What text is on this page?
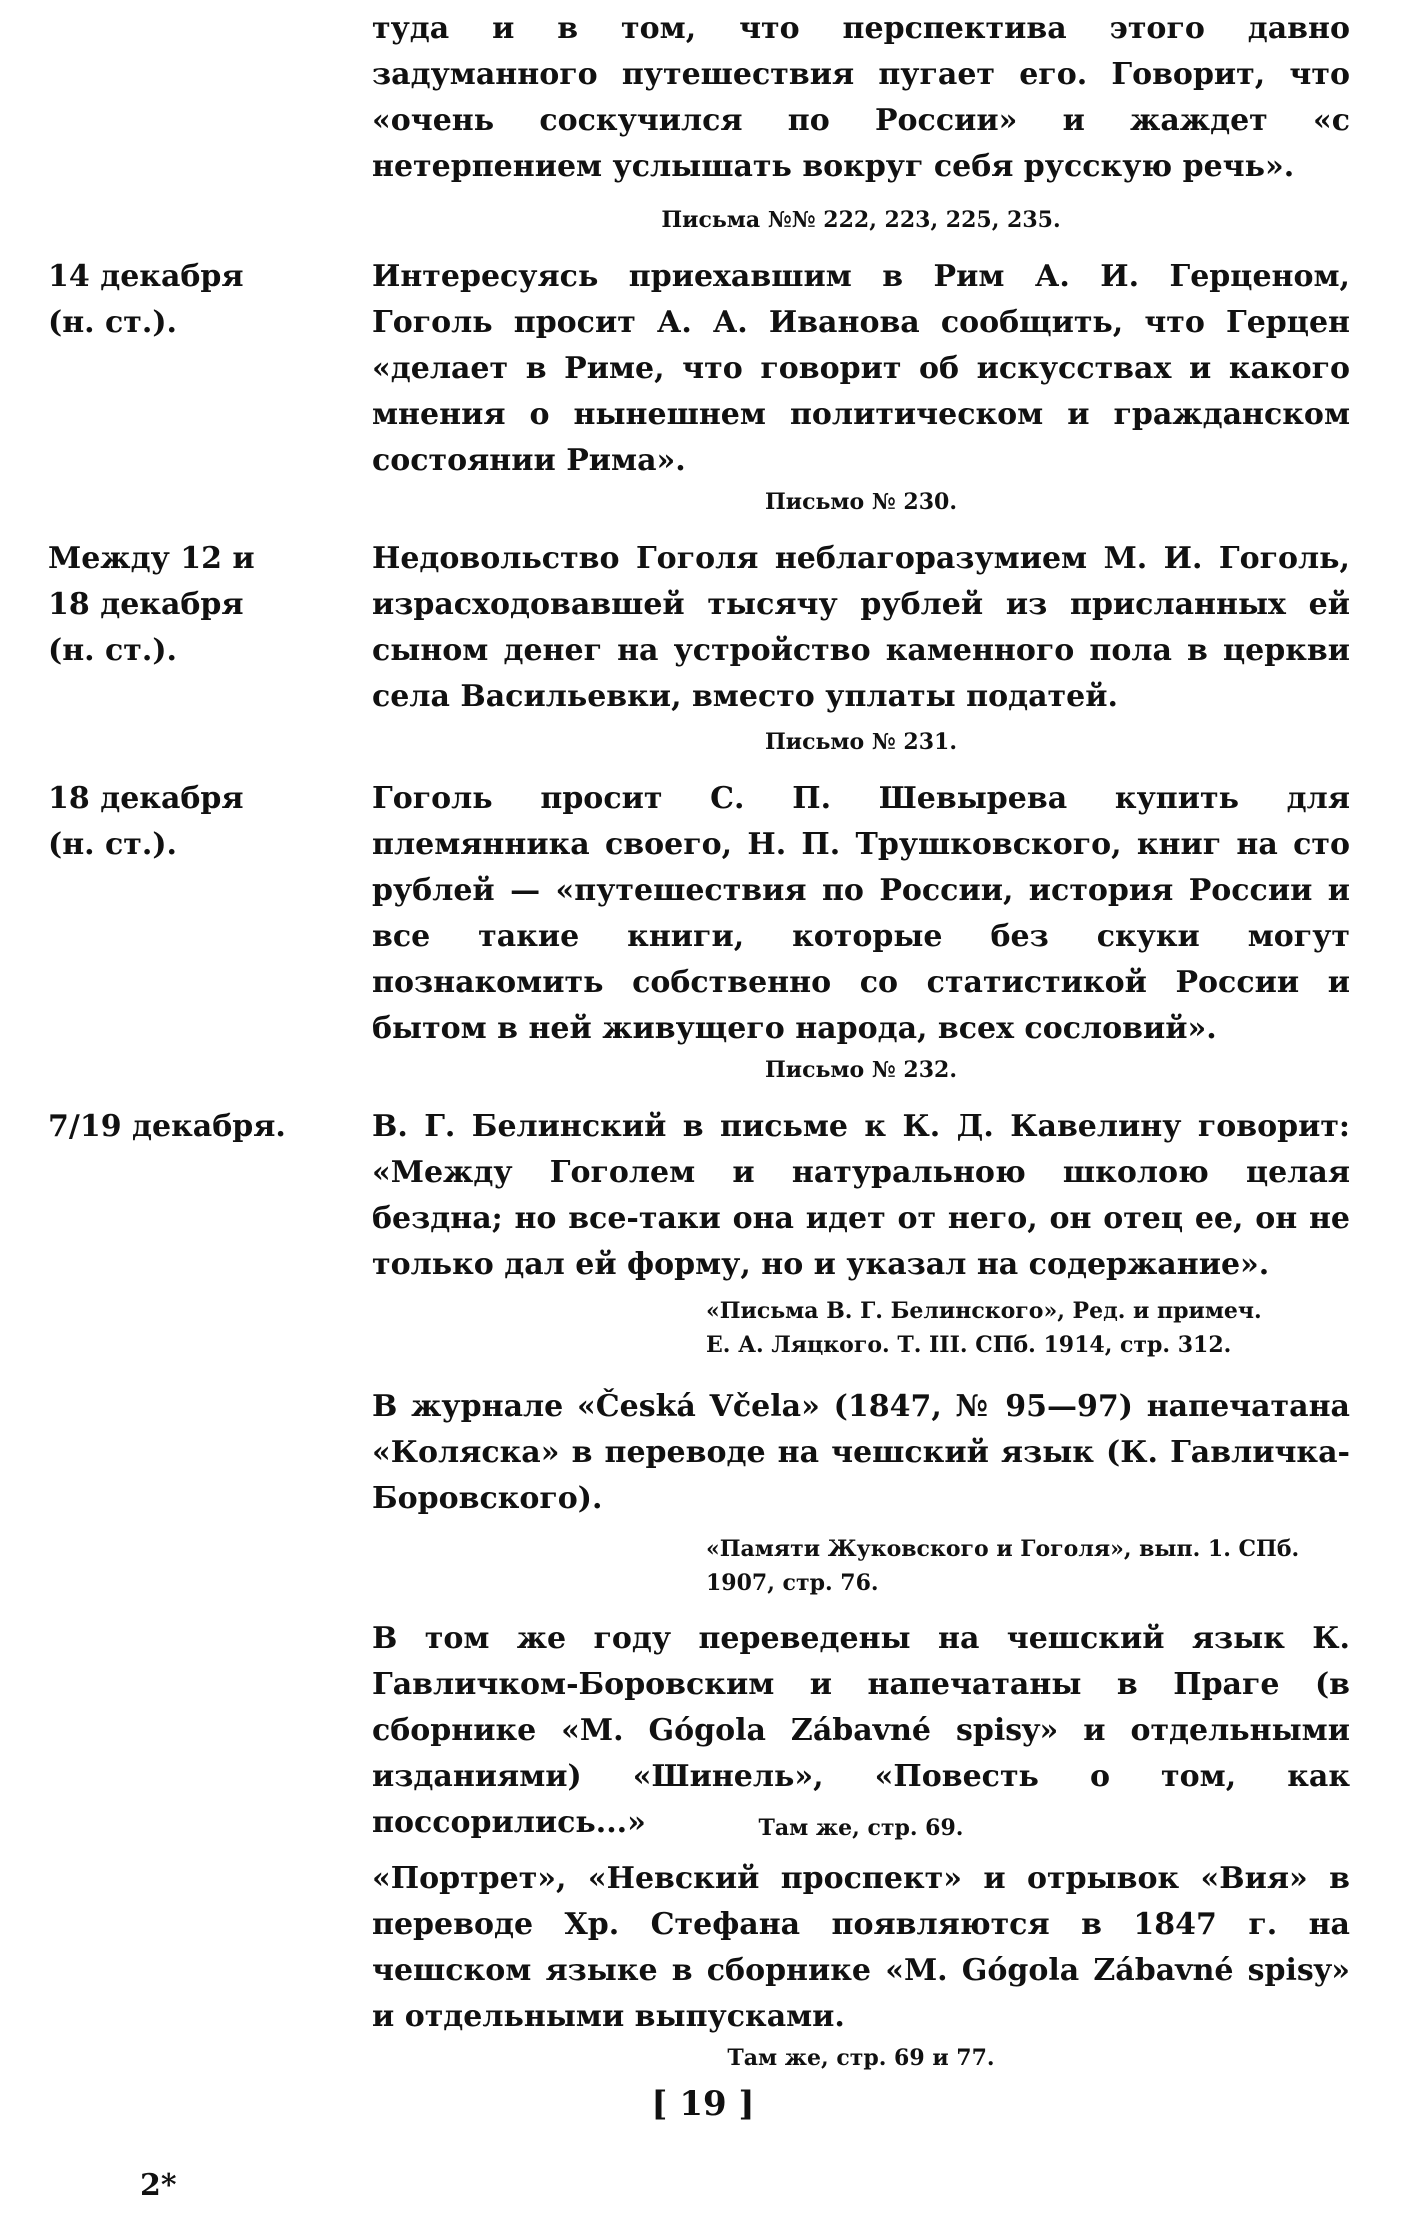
туда и в том, что перспектива этого давно задуманного путешествия пугает его. Говорит, что «очень соскучился по России» и жаждет «с нетерпением услышать вокруг себя русскую речь».

Письма №№ 222, 223, 225, 235.

14 декабря
(н. ст.).

Интересуясь приехавшим в Рим А. И. Герценом, Гоголь просит А. А. Иванова сообщить, что Герцен «делает в Риме, что говорит об искусствах и какого мнения о нынешнем политическом и гражданском состоянии Рима».

Письмо № 230.

Между 12 и
18 декабря
(н. ст.).

Недовольство Гоголя неблагоразумием М. И. Гоголь, израсходовавшей тысячу рублей из присланных ей сыном денег на устройство каменного пола в церкви села Васильевки, вместо уплаты податей.

Письмо № 231.

18 декабря
(н. ст.).

Гоголь просит С. П. Шевырева купить для племянника своего, Н. П. Трушковского, книг на сто рублей — «путешествия по России, история России и все такие книги, которые без скуки могут познакомить собственно со статистикой России и бытом в ней живущего народа, всех сословий».

Письмо № 232.

7/19 декабря.	В. Г. Белинский в письме к К. Д. Кавелину говорит: «Между Гоголем и натуральною школою целая бездна; но все-таки она идет от него, он отец ее, он не только дал ей форму, но и указал на содержание».

«Письма В. Г. Белинского», Ред. и примеч.
Е. А. Ляцкого. Т. III. СПб. 1914, стр. 312.

В журнале «Česká Včela» (1847, № 95—97) напечатана «Коляска» в переводе на чешский язык (К. Гавличка-Боровского).

«Памяти Жуковского и Гоголя», вып. 1. СПб.
1907, стр. 76.

В том же году переведены на чешский язык К. Гавличком-Боровским и напечатаны в Праге (в сборнике «M. Gógola Zábavné spisy» и отдельными изданиями) «Шинель», «Повесть о том, как поссорились...»	Там же, стр. 69.

«Портрет», «Невский проспект» и отрывок «Вия» в переводе Хр. Стефана появляются в 1847 г. на чешском языке в сборнике «M. Gógola Zábavné spisy» и отдельными выпусками.

Там же, стр. 69 и 77.

[ 19 ]

2*
